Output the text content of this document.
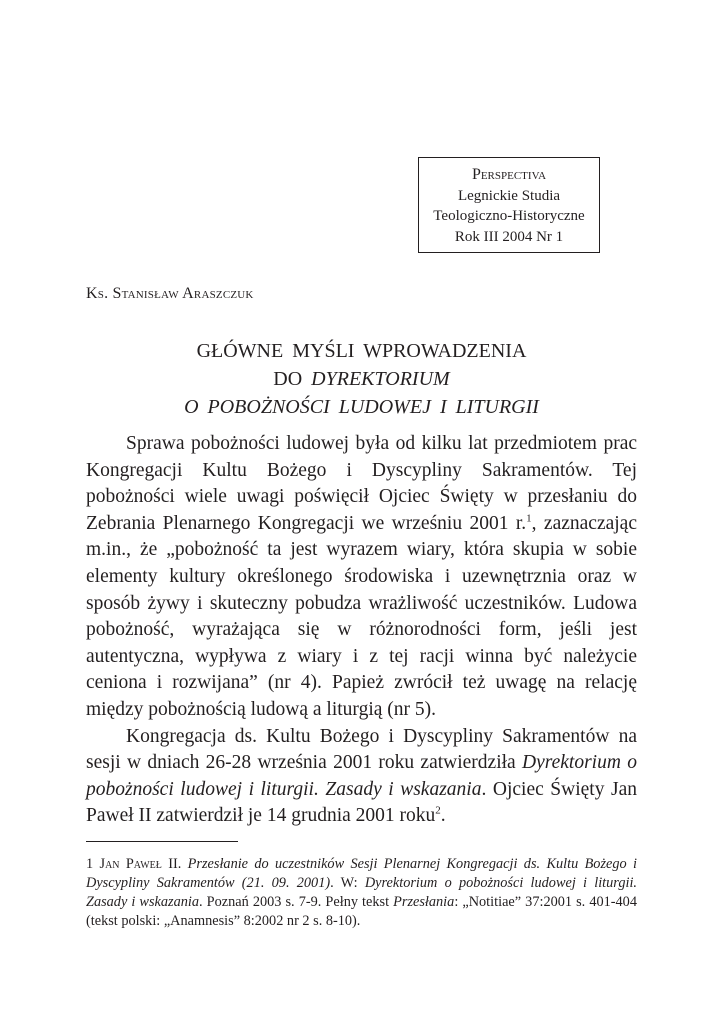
Perspectiva
Legnickie Studia
Teologiczno-Historyczne
Rok III 2004 Nr 1
Ks. Stanisław Araszczuk
GŁÓWNE MYŚLI WPROWADZENIA
DO DYREKTORIUM
O POBOŻNOŚCI LUDOWEJ I LITURGII

Sprawa pobożności ludowej była od kilku lat przedmiotem prac Kongregacji Kultu Bożego i Dyscypliny Sakramentów. Tej pobożności wiele uwagi poświęcił Ojciec Święty w przesłaniu do Zebrania Plenarnego Kongregacji we wrześniu 2001 r.$^1$, zaznaczając m.in., że „pobożność ta jest wyrazem wiary, która skupia w sobie elementy kultury określonego środowiska i uzewnętrznia oraz w sposób żywy i skuteczny pobudza wrażliwość uczestników. Ludowa pobożność, wyrażająca się w różnorodności form, jeśli jest autentyczna, wypływa z wiary i z tej racji winna być należycie ceniona i rozwijana” (nr 4). Papież zwrócił też uwagę na relację między pobożnością ludową a liturgią (nr 5).

Kongregacja ds. Kultu Bożego i Dyscypliny Sakramentów na sesji w dniach 26-28 września 2001 roku zatwierdziła Dyrektorium o pobożności ludowej i liturgii. Zasady i wskazania. Ojciec Święty Jan Paweł II zatwierdził je 14 grudnia 2001 roku$^2$.

1 Jan Paweł II. Przesłanie do uczestników Sesji Plenarnej Kongregacji ds. Kultu Bożego i Dyscypliny Sakramentów (21. 09. 2001). W: Dyrektorium o pobożności ludowej i liturgii. Zasady i wskazania. Poznań 2003 s. 7-9. Pełny tekst Przesłania: „Notitiae” 37:2001 s. 401-404 (tekst polski: „Anamnesis” 8:2002 nr 2 s. 8-10).
